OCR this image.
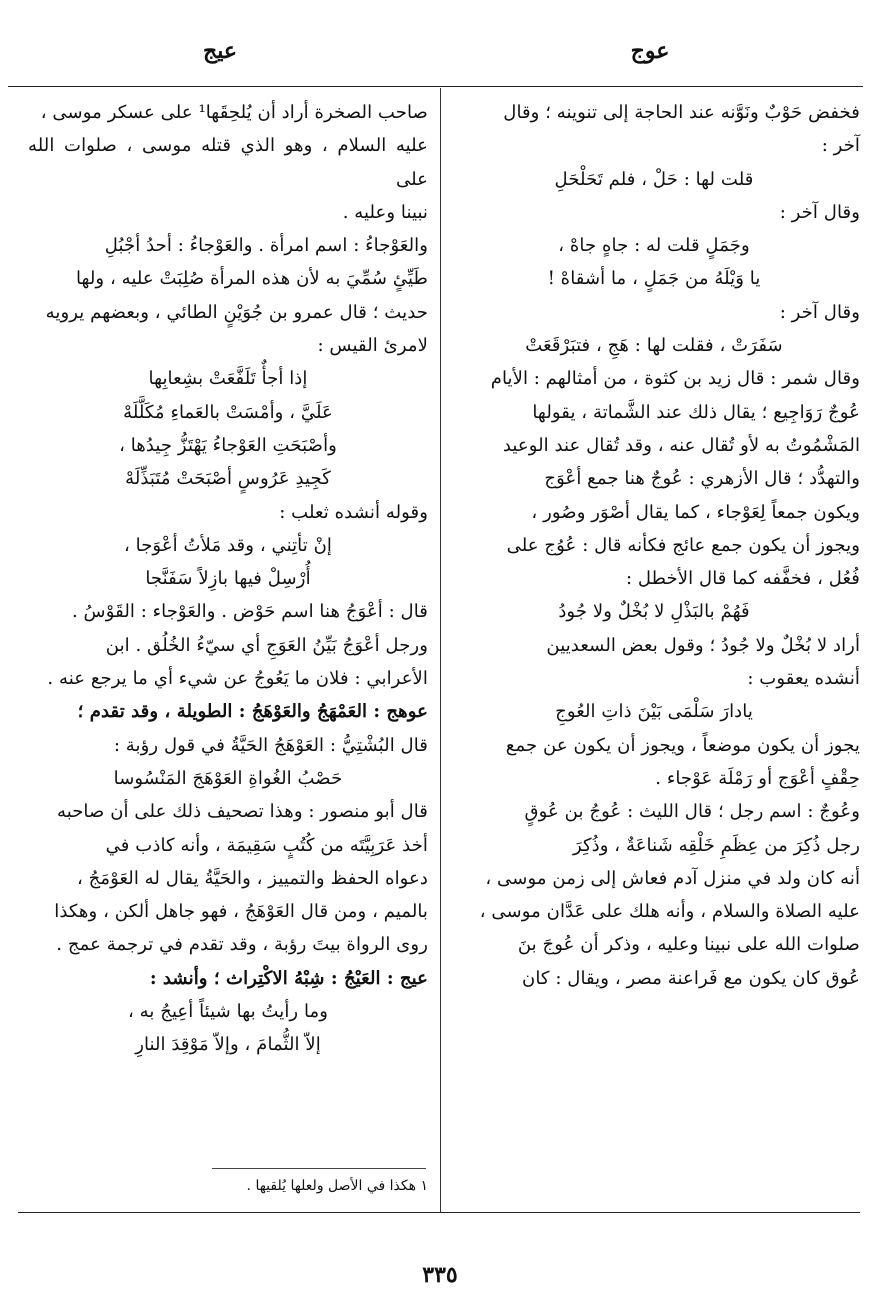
عوج
عيج

فخفض حَوْبٌ ونَوَّنه عند الحاجة إلى تنوينه ؛ وقال

آخر :

قلت لها : حَلْ ، فلم تَحَلْحَلِ

وقال آخر :

وجَمَلٍ قلت له : جاهٍ جاهْ ،

يا وَيْلَهُ من جَمَلٍ ، ما أشقاهْ !

وقال آخر :

سَفَرَتْ ، فقلت لها : هَجِ ، فتبَرْقَعَتْ

وقال شمر : قال زيد بن كثوة ، من أمثالهم : الأيام

عُوجٌ رَوَاجِيع ؛ يقال ذلك عند الشَّماتة ، يقولها

المَشْمُوتُ به لأو تُقال عنه ، وقد تُقال عند الوعيد

والتهدُّد ؛ قال الأزهري : عُوجٌ هنا جمع أعْوَج

ويكون جمعاً لِعَوْجاء ، كما يقال أصْوَر وصُور ،

ويجوز أن يكون جمع عائج فكأنه قال : عُوُج على

فُعُل ، فخفَّفه كما قال الأخطل :

فَهُمْ بالبَذْلِ لا بُخْلٌ ولا جُودُ

أراد لا بُخْلٌ ولا جُودُ ؛ وقول بعض السعديين

أنشده يعقوب :

يادارَ سَلْمَى بَيْنَ ذاتِ العُوجِ

يجوز أن يكون موضعاً ، ويجوز أن يكون عن جمع

حِقْفٍ أعْوَج أو رَمْلَة عَوْجاء .

وعُوجٌ : اسم رجل ؛ قال الليث : عُوجُ بن عُوقٍ

رجل ذُكِرَ من عِظَمِ خَلْقِه شَناعَةٌ ، وذُكِرَ

أنه كان ولد في منزل آدم فعاش إلى زمن موسى ،

عليه الصلاة والسلام ، وأنه هلك على عَدَّان موسى ،

صلوات الله على نبينا وعليه ، وذكر أن عُوجَ بنَ

عُوق كان يكون مع فَراعنة مصر ، ويقال : كان

صاحب الصخرة أراد أن يُلحِقَها¹ على عسكر موسى ،

عليه السلام ، وهو الذي قتله موسى ، صلوات الله على

نبينا وعليه .

والعَوْجاءُ : اسم امرأة . والعَوْجاءُ : أحدُ أجْبُلِ

طَيِّئٍ سُمِّيَ به لأن هذه المرأة صُلِبَتْ عليه ، ولها

حديث ؛ قال عمرو بن جُوَيْنٍ الطائي ، وبعضهم يرويه

لامرئ القيس :

إذا أجأٌ تَلَفَّعَتْ بشِعابِها

عَلَيَّ ، وأمْسَتْ بالعَماءِ مُكَلَّلَهْ

وأصْبَحَتِ العَوْجاءُ يَهْتَزُّ جِيدُها ،

كَجِيدِ عَرُوسٍ أصْبَحَتْ مُتَبَذِّلَهْ

وقوله أنشده ثعلب :

إنْ تأتِني ، وقد مَلأتُ أعْوَجا ،

أُرْسِلْ فيها بازِلاً سَفَنَّجا

قال : أعْوَجُ هنا اسم حَوْض . والعَوْجاء : القَوْسُ .

ورجل أعْوَجُ بَيِّنُ العَوَجِ أي سيّءُ الخُلُق . ابن

الأعرابي : فلان ما يَعُوجُ عن شيء أي ما يرجع عنه .

عوهج : العَمْهَجُ والعَوْهَجُ : الطويلة ، وقد تقدم ؛

قال البُشْتِيُّ : العَوْهَجُ الحَيَّةُ في قول رؤبة :

حَصْبُ الغُواةِ العَوْهَجَ المَنْسُوسا

قال أبو منصور : وهذا تصحيف ذلك على أن صاحبه

أخذ عَرَبِيَّتَه من كُتُبٍ سَقِيمَة ، وأنه كاذب في

دعواه الحفظ والتمييز ، والحَيَّةُ يقال له العَوْمَجُ ،

بالميم ، ومن قال العَوْهَجُ ، فهو جاهل ألكن ، وهكذا

روى الرواة بيتَ رؤبة ، وقد تقدم في ترجمة عمج .

عيج : العَيْجُ : شِبْهُ الاكْتِراث ؛ وأنشد :

وما رأيتُ بها شيئاً أعِيجُ به ،

إلاّ الثُّمامَ ، وإلاّ مَوْقِدَ النارِ

١ هكذا في الأصل ولعلها يُلقيها .
٣٣٥
